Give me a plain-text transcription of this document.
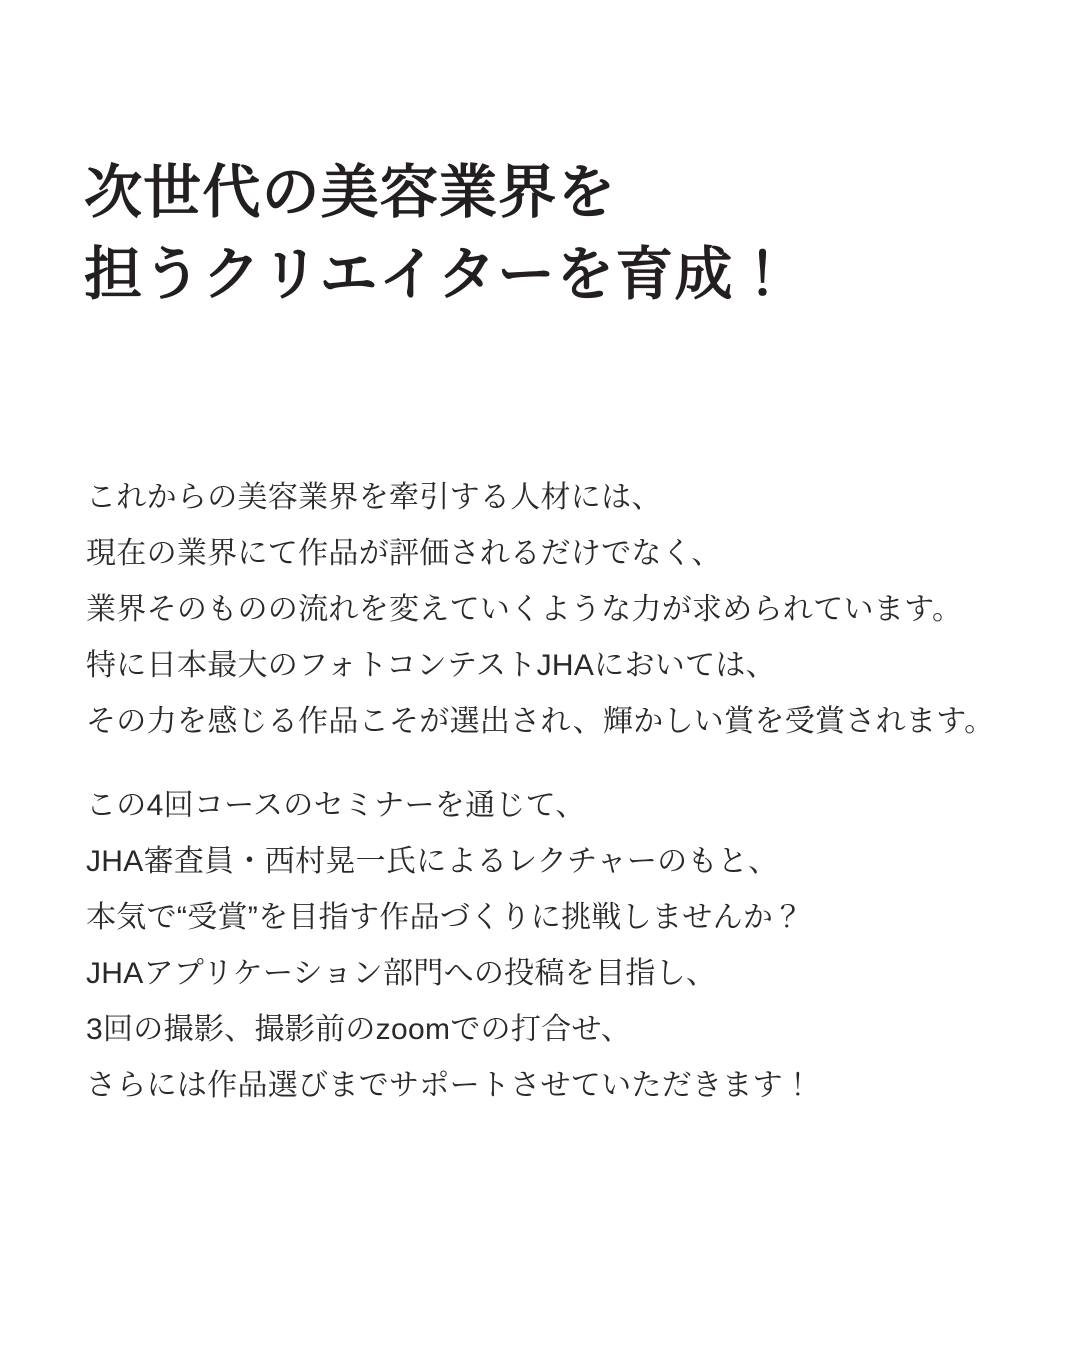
次世代の美容業界を
担うクリエイターを育成！
これからの美容業界を牽引する人材には、
現在の業界にて作品が評価されるだけでなく、
業界そのものの流れを変えていくような力が求められています。
特に日本最大のフォトコンテストJHAにおいては、
その力を感じる作品こそが選出され、輝かしい賞を受賞されます。
この4回コースのセミナーを通じて、
JHA審査員・西村晃一氏によるレクチャーのもと、
本気で“受賞”を目指す作品づくりに挑戦しませんか？
JHAアプリケーション部門への投稿を目指し、
3回の撮影、撮影前のzoomでの打合せ、
さらには作品選びまでサポートさせていただきます！
